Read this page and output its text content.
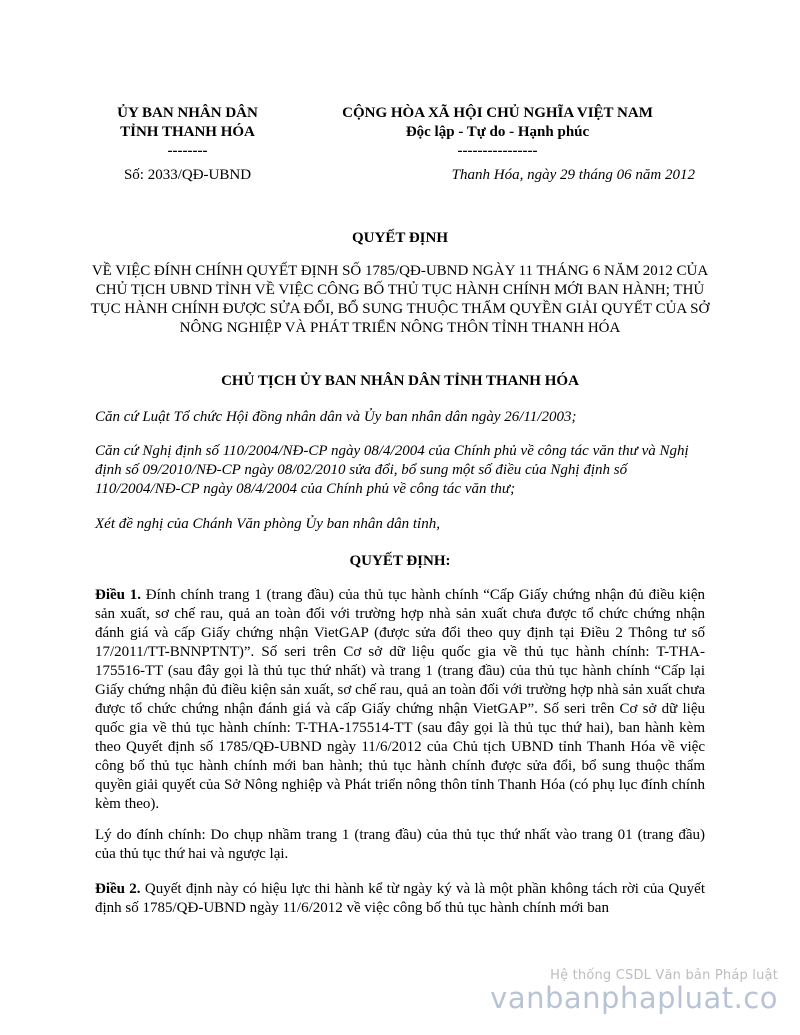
ỦY BAN NHÂN DÂN
TỈNH THANH HÓA
--------
CỘNG HÒA XÃ HỘI CHỦ NGHĨA VIỆT NAM
Độc lập - Tự do - Hạnh phúc
----------------
Số: 2033/QĐ-UBND	Thanh Hóa, ngày 29 tháng 06 năm 2012
QUYẾT ĐỊNH
VỀ VIỆC ĐÍNH CHÍNH QUYẾT ĐỊNH SỐ 1785/QĐ-UBND NGÀY 11 THÁNG 6 NĂM 2012 CỦA CHỦ TỊCH UBND TỈNH VỀ VIỆC CÔNG BỐ THỦ TỤC HÀNH CHÍNH MỚI BAN HÀNH; THỦ TỤC HÀNH CHÍNH ĐƯỢC SỬA ĐỔI, BỔ SUNG THUỘC THẨM QUYỀN GIẢI QUYẾT CỦA SỞ NÔNG NGHIỆP VÀ PHÁT TRIỂN NÔNG THÔN TỈNH THANH HÓA
CHỦ TỊCH ỦY BAN NHÂN DÂN TỈNH THANH HÓA
Căn cứ Luật Tổ chức Hội đồng nhân dân và Ủy ban nhân dân ngày 26/11/2003;
Căn cứ Nghị định số 110/2004/NĐ-CP ngày 08/4/2004 của Chính phủ về công tác văn thư và Nghị định số 09/2010/NĐ-CP ngày 08/02/2010 sửa đổi, bổ sung một số điều của Nghị định số 110/2004/NĐ-CP ngày 08/4/2004 của Chính phủ về công tác văn thư;
Xét đề nghị của Chánh Văn phòng Ủy ban nhân dân tỉnh,
QUYẾT ĐỊNH:
Điều 1. Đính chính trang 1 (trang đầu) của thủ tục hành chính “Cấp Giấy chứng nhận đủ điều kiện sản xuất, sơ chế rau, quả an toàn đối với trường hợp nhà sản xuất chưa được tổ chức chứng nhận đánh giá và cấp Giấy chứng nhận VietGAP (được sửa đổi theo quy định tại Điều 2 Thông tư số 17/2011/TT-BNNPTNT)”. Số seri trên Cơ sở dữ liệu quốc gia về thủ tục hành chính: T-THA-175516-TT (sau đây gọi là thủ tục thứ nhất) và trang 1 (trang đầu) của thủ tục hành chính “Cấp lại Giấy chứng nhận đủ điều kiện sản xuất, sơ chế rau, quả an toàn đối với trường hợp nhà sản xuất chưa được tổ chức chứng nhận đánh giá và cấp Giấy chứng nhận VietGAP”. Số seri trên Cơ sở dữ liệu quốc gia về thủ tục hành chính: T-THA-175514-TT (sau đây gọi là thủ tục thứ hai), ban hành kèm theo Quyết định số 1785/QĐ-UBND ngày 11/6/2012 của Chủ tịch UBND tỉnh Thanh Hóa về việc công bố thủ tục hành chính mới ban hành; thủ tục hành chính được sửa đổi, bổ sung thuộc thẩm quyền giải quyết của Sở Nông nghiệp và Phát triển nông thôn tỉnh Thanh Hóa (có phụ lục đính chính kèm theo).
Lý do đính chính: Do chụp nhầm trang 1 (trang đầu) của thủ tục thứ nhất vào trang 01 (trang đầu) của thủ tục thứ hai và ngược lại.
Điều 2. Quyết định này có hiệu lực thi hành kể từ ngày ký và là một phần không tách rời của Quyết định số 1785/QĐ-UBND ngày 11/6/2012 về việc công bố thủ tục hành chính mới ban
Hệ thống CSDL Văn bản Pháp luật
vanbanphapluat.co
